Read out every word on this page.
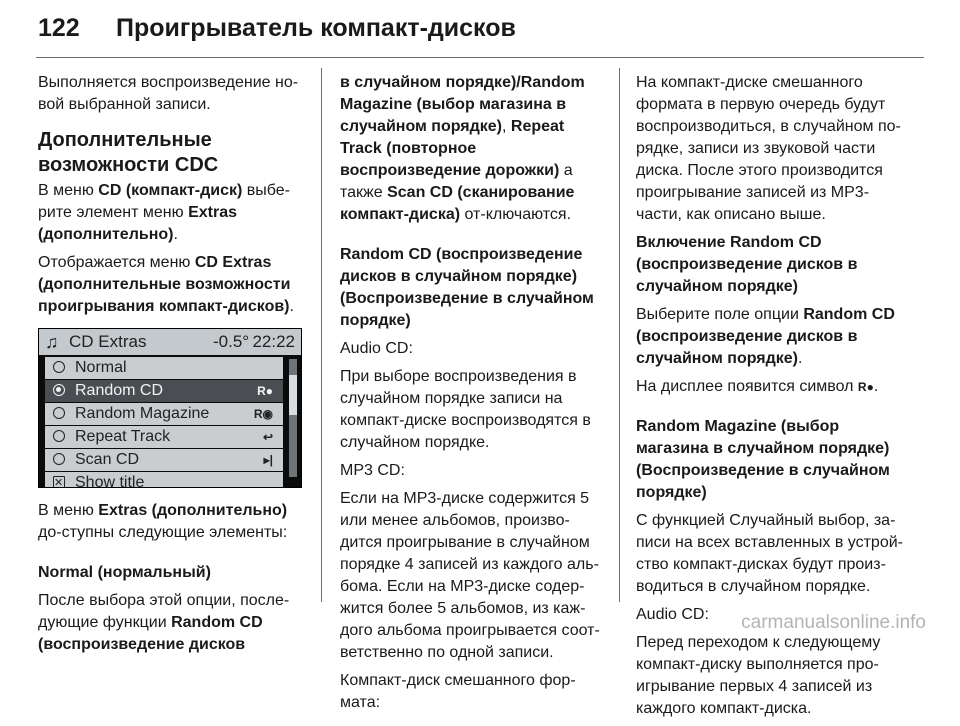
122 Проигрыватель компакт-дисков

Выполняется воспроизведение но-вой выбранной записи.

Дополнительные возможности CDC

В меню CD (компакт-диск) выбе-рите элемент меню Extras (дополнительно).

Отображается меню CD Extras (дополнительные возможности проигрывания компакт-дисков).

♫ CD Extras	-0.5° 22:22
Normal
Random CD	R●
Random Magazine	R◉
Repeat Track	↩
Scan CD	▸|
✕
Show title

В меню Extras (дополнительно) до-ступны следующие элементы:

Normal (нормальный)

После выбора этой опции, после-дующие функции Random CD (воспроизведение дисков

в случайном порядке)/Random Magazine (выбор магазина в случайном порядке), Repeat Track (повторное воспроизведение дорожки) а также Scan CD (сканирование компакт-диска) от-ключаются.

Random CD (воспроизведение дисков в случайном порядке) (Воспроизведение в случайном порядке)

Audio CD:

При выборе воспроизведения в случайном порядке записи на компакт-диске воспроизводятся в случайном порядке.

MP3 CD:

Если на MP3-диске содержится 5 или менее альбомов, произво-дится проигрывание в случайном порядке 4 записей из каждого аль-бома. Если на MP3-диске содер-жится более 5 альбомов, из каж-дого альбома проигрывается соот-ветственно по одной записи.

Компакт-диск смешанного фор-мата:

На компакт-диске смешанного формата в первую очередь будут воспроизводиться, в случайном по-рядке, записи из звуковой части диска. После этого производится проигрывание записей из MP3-части, как описано выше.

Включение Random CD (воспроизведение дисков в случайном порядке)

Выберите поле опции Random CD (воспроизведение дисков в случайном порядке).

На дисплее появится символ R●.

Random Magazine (выбор магазина в случайном порядке) (Воспроизведение в случайном порядке)

С функцией Случайный выбор, за-писи на всех вставленных в устрой-ство компакт-дисках будут произ-водиться в случайном порядке.

Audio CD:

Перед переходом к следующему компакт-диску выполняется про-игрывание первых 4 записей из каждого компакт-диска.

carmanualsonline.info
